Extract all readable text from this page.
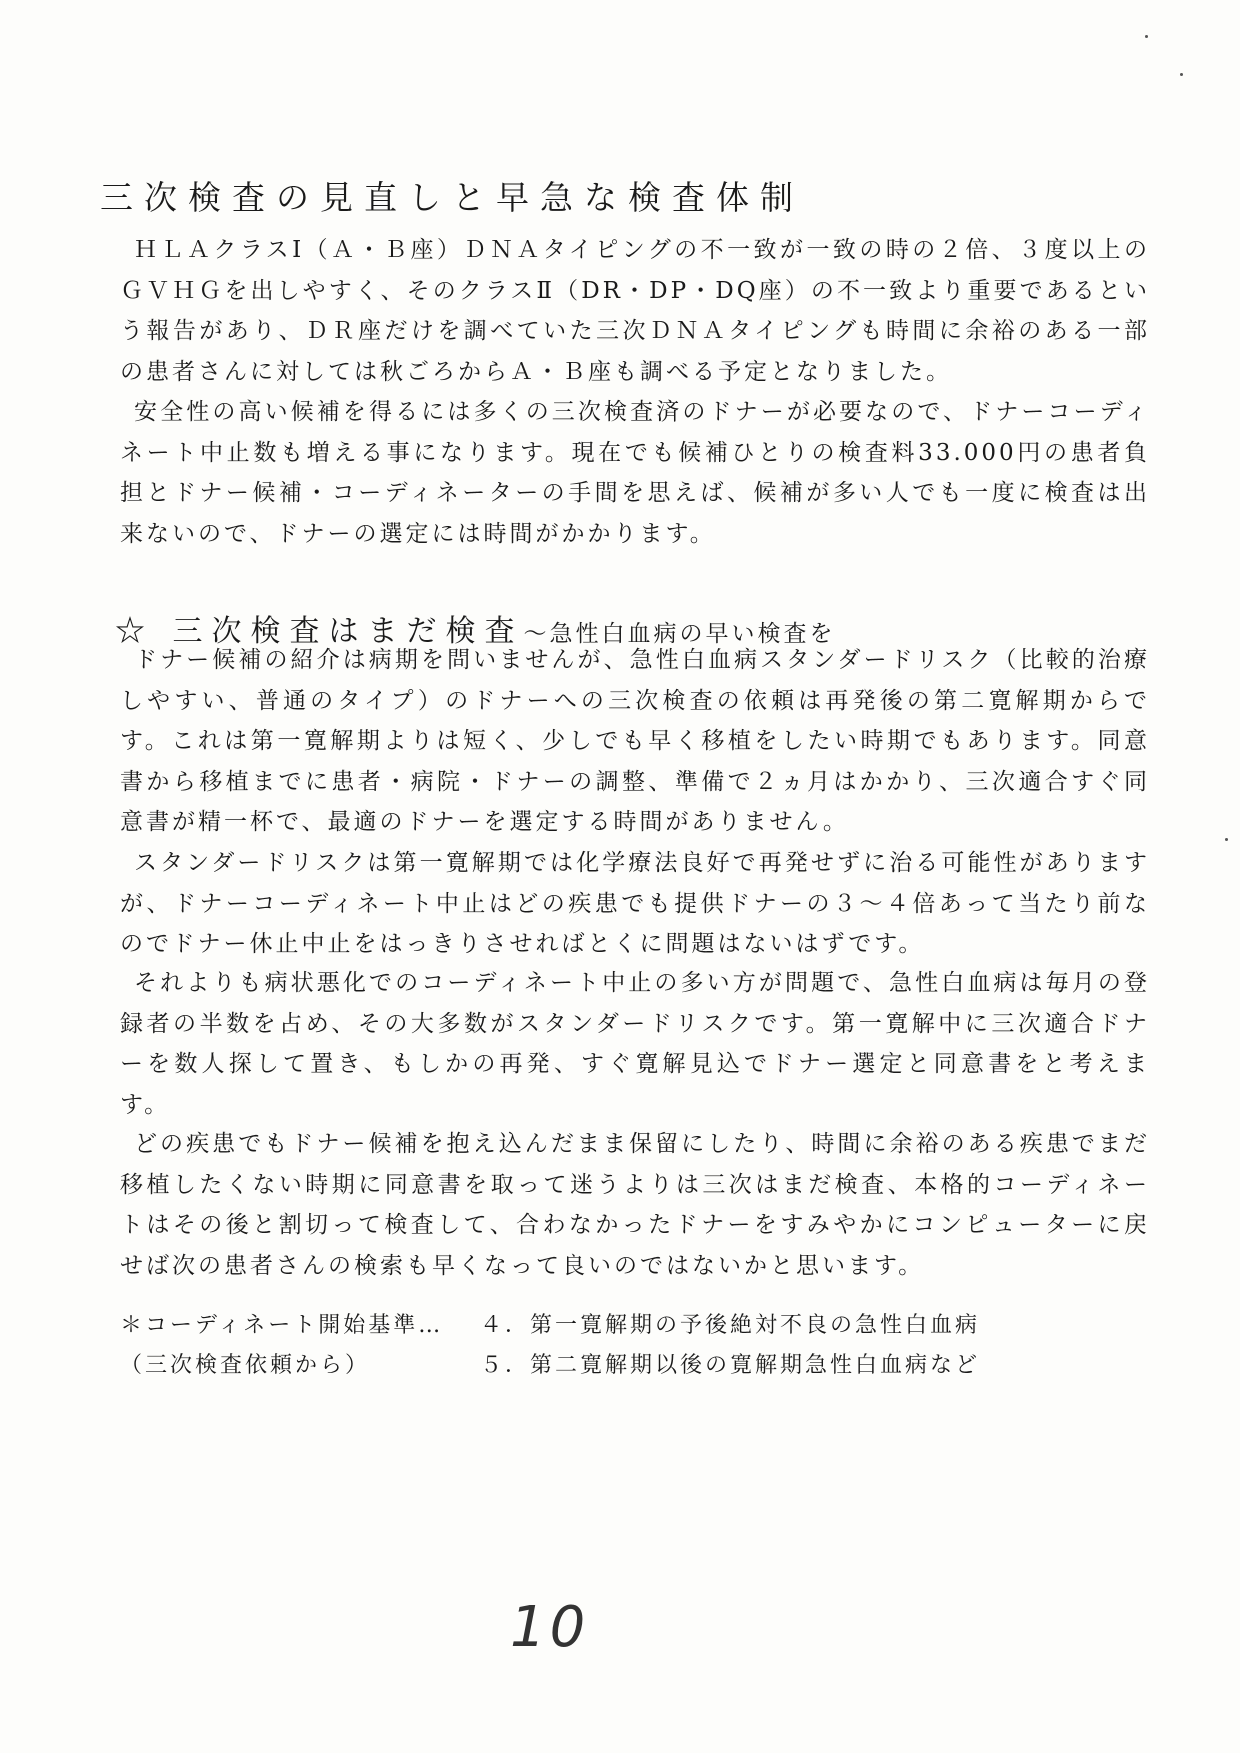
三次検査の見直しと早急な検査体制

ＨＬＡクラスⅠ（Ａ・Ｂ座）ＤＮＡタイピングの不一致が一致の時の２倍、３度以上のＧＶＨＧを出しやすく、そのクラスⅡ（DR・DP・DQ座）の不一致より重要であるという報告があり、ＤＲ座だけを調べていた三次ＤＮＡタイピングも時間に余裕のある一部の患者さんに対しては秋ごろからＡ・Ｂ座も調べる予定となりました。

安全性の高い候補を得るには多くの三次検査済のドナーが必要なので、ドナーコーディネート中止数も増える事になります。現在でも候補ひとりの検査料33.000円の患者負担とドナー候補・コーディネーターの手間を思えば、候補が多い人でも一度に検査は出来ないので、ドナーの選定には時間がかかります。

☆ 三次検査はまだ検査〜急性白血病の早い検査を

ドナー候補の紹介は病期を問いませんが、急性白血病スタンダードリスク（比較的治療しやすい、普通のタイプ）のドナーへの三次検査の依頼は再発後の第二寛解期からです。これは第一寛解期よりは短く、少しでも早く移植をしたい時期でもあります。同意書から移植までに患者・病院・ドナーの調整、準備で２ヵ月はかかり、三次適合すぐ同意書が精一杯で、最適のドナーを選定する時間がありません。

スタンダードリスクは第一寛解期では化学療法良好で再発せずに治る可能性がありますが、ドナーコーディネート中止はどの疾患でも提供ドナーの３〜４倍あって当たり前なのでドナー休止中止をはっきりさせればとくに問題はないはずです。

それよりも病状悪化でのコーディネート中止の多い方が問題で、急性白血病は毎月の登録者の半数を占め、その大多数がスタンダードリスクです。第一寛解中に三次適合ドナーを数人探して置き、もしかの再発、すぐ寛解見込でドナー選定と同意書をと考えます。

どの疾患でもドナー候補を抱え込んだまま保留にしたり、時間に余裕のある疾患でまだ移植したくない時期に同意書を取って迷うよりは三次はまだ検査、本格的コーディネートはその後と割切って検査して、合わなかったドナーをすみやかにコンピューターに戻せば次の患者さんの検索も早くなって良いのではないかと思います。

＊コーディネート開始基準… ４．第一寛解期の予後絶対不良の急性白血病
（三次検査依頼から）	５．第二寛解期以後の寛解期急性白血病など
10
